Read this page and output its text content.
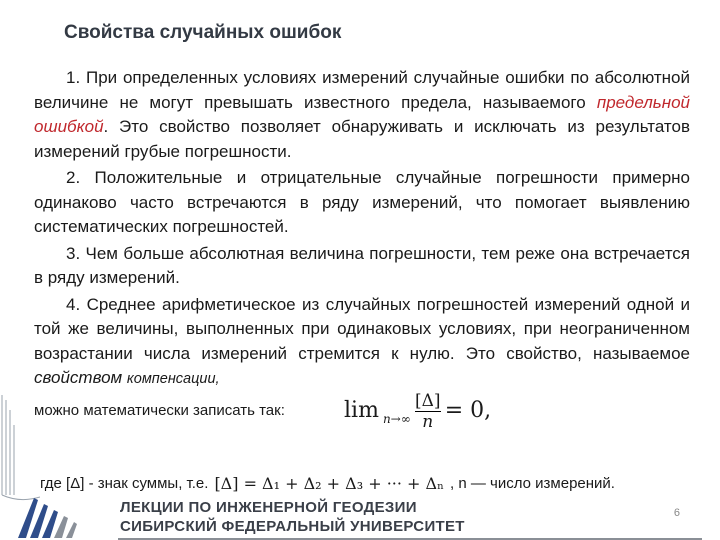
Свойства случайных ошибок

1. При определенных условиях измерений случайные ошибки по абсолютной величине не могут превышать известного предела, называемого предельной ошибкой. Это свойство позволяет обнаруживать и исключать из результатов измерений грубые погрешности.

2. Положительные и отрицательные случайные погрешности примерно одинаково часто встречаются в ряду измерений, что помогает выявлению систематических погрешностей.

3. Чем больше абсолютная величина погрешности, тем реже она встречается в ряду измерений.

4. Среднее арифметическое из случайных погрешностей измерений одной и той же величины, выполненных при одинаковых условиях, при неограниченном возрастании числа измерений стремится к нулю. Это свойство, называемое свойством компенсации,

можно математически записать так:	$\lim n\to\infty \frac{[\Delta]}{n} = 0$,
где [Δ] - знак суммы, т.е. [Δ] = Δ₁ + Δ₂ + Δ₃ + ··· + Δₙ , n — число измерений.
ЛЕКЦИИ ПО ИНЖЕНЕРНОЙ ГЕОДЕЗИИ
СИБИРСКИЙ ФЕДЕРАЛЬНЫЙ УНИВЕРСИТЕТ
6
